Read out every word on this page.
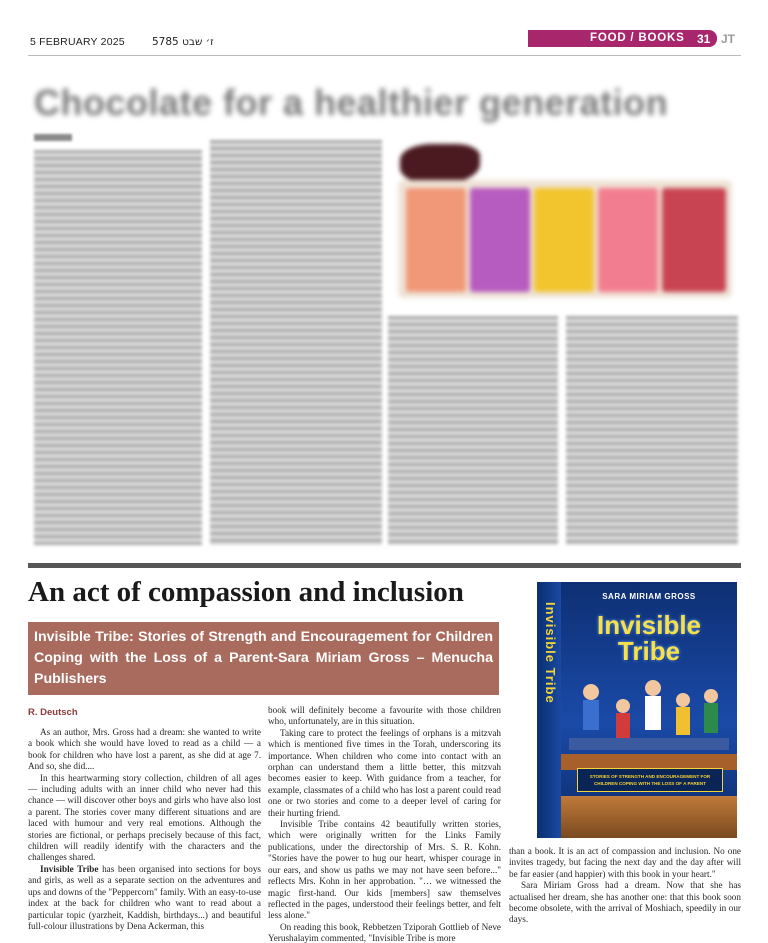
5 FEBRUARY 2025	5785 ז׳ שבט	FOOD / BOOKS 31 JT
Chocolate for a healthier generation
An act of compassion and inclusion
Invisible Tribe: Stories of Strength and Encouragement for Children Coping with the Loss of a Parent-Sara Miriam Gross – Menucha Publishers
R. Deutsch

As an author, Mrs. Gross had a dream: she wanted to write a book which she would have loved to read as a child — a book for children who have lost a parent, as she did at age 7. And so, she did....

In this heartwarming story collection, children of all ages — including adults with an inner child who never had this chance — will discover other boys and girls who have also lost a parent. The stories cover many different situations and are laced with humour and very real emotions. Although the stories are fictional, or perhaps precisely because of this fact, children will readily identify with the characters and the challenges shared.

Invisible Tribe has been organised into sections for boys and girls, as well as a separate section on the adventures and ups and downs of the "Peppercorn" family. With an easy-to-use index at the back for children who want to read about a particular topic (yarzheit, Kaddish, birthdays...) and beautiful full-colour illustrations by Dena Ackerman, this

book will definitely become a favourite with those children who, unfortunately, are in this situation.

Taking care to protect the feelings of orphans is a mitzvah which is mentioned five times in the Torah, underscoring its importance. When children who come into contact with an orphan can understand them a little better, this mitzvah becomes easier to keep. With guidance from a teacher, for example, classmates of a child who has lost a parent could read one or two stories and come to a deeper level of caring for their hurting friend.

Invisible Tribe contains 42 beautifully written stories, which were originally written for the Links Family publications, under the directorship of Mrs. S. R. Kohn. "Stories have the power to hug our heart, whisper courage in our ears, and show us paths we may not have seen before..." reflects Mrs. Kohn in her approbation. "… we witnessed the magic first-hand. Our kids [members] saw themselves reflected in the pages, understood their feelings better, and felt less alone."

On reading this book, Rebbetzen Tziporah Gottlieb of Neve Yerushalayim commented, "Invisible Tribe is more

than a book. It is an act of compassion and inclusion. No one invites tragedy, but facing the next day and the day after will be far easier (and happier) with this book in your heart."

Sara Miriam Gross had a dream. Now that she has actualised her dream, she has another one: that this book soon become obsolete, with the arrival of Moshiach, speedily in our days.

Invisible Tribe
SARA MIRIAM GROSS
Invisible
Tribe
STORIES OF STRENGTH AND ENCOURAGEMENT FOR CHILDREN COPING WITH THE LOSS OF A PARENT
